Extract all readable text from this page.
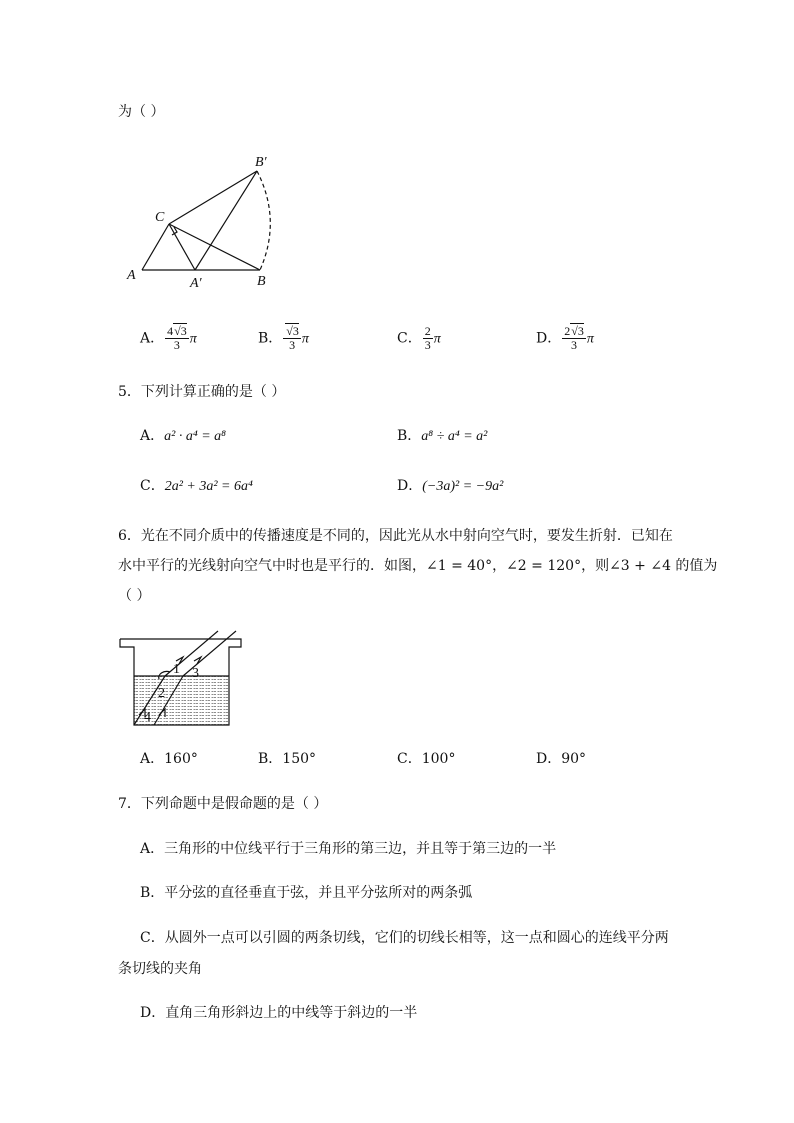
为（ ）
B′
C
A
A′	B
A． $\frac{4√3}{3}$ π	B． $\frac{√3}{3}$ π	C． $\frac{2}{3}$ π	D． $\frac{2√3}{3}$ π
5．下列计算正确的是（ ）
A．a² · a⁴ = a⁸	B．a⁸ ÷ a⁴ = a²
C．2a² + 3a² = 6a⁴	D．(−3a)² = −9a²
6．光在不同介质中的传播速度是不同的，因此光从水中射向空气时，要发生折射．已知在
水中平行的光线射向空气中时也是平行的．如图，∠1 = 40°，∠2 = 120°，则∠3 + ∠4 的值为
（ ）
1
2
3
4
A．160°	B．150°	C．100°	D．90°
7．下列命题中是假命题的是（ ）
A．三角形的中位线平行于三角形的第三边，并且等于第三边的一半
B．平分弦的直径垂直于弦，并且平分弦所对的两条弧
C．从圆外一点可以引圆的两条切线，它们的切线长相等，这一点和圆心的连线平分两
条切线的夹角
D．直角三角形斜边上的中线等于斜边的一半
